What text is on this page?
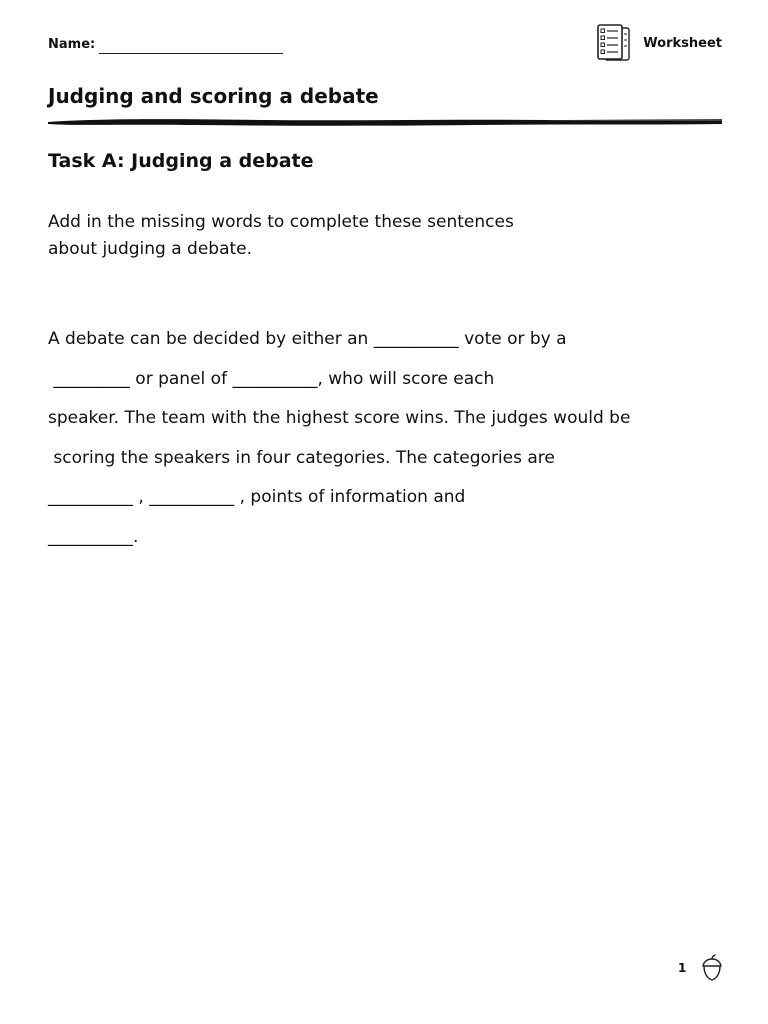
Name:	Worksheet
Judging and scoring a debate
Task A: Judging a debate

Add in the missing words to complete these sentences
about judging a debate.

A debate can be decided by either an __________ vote or by a
_________ or panel of __________, who will score each
speaker. The team with the highest score wins. The judges would be
scoring the speakers in four categories. The categories are
__________ , __________ , points of information and
__________.
1
